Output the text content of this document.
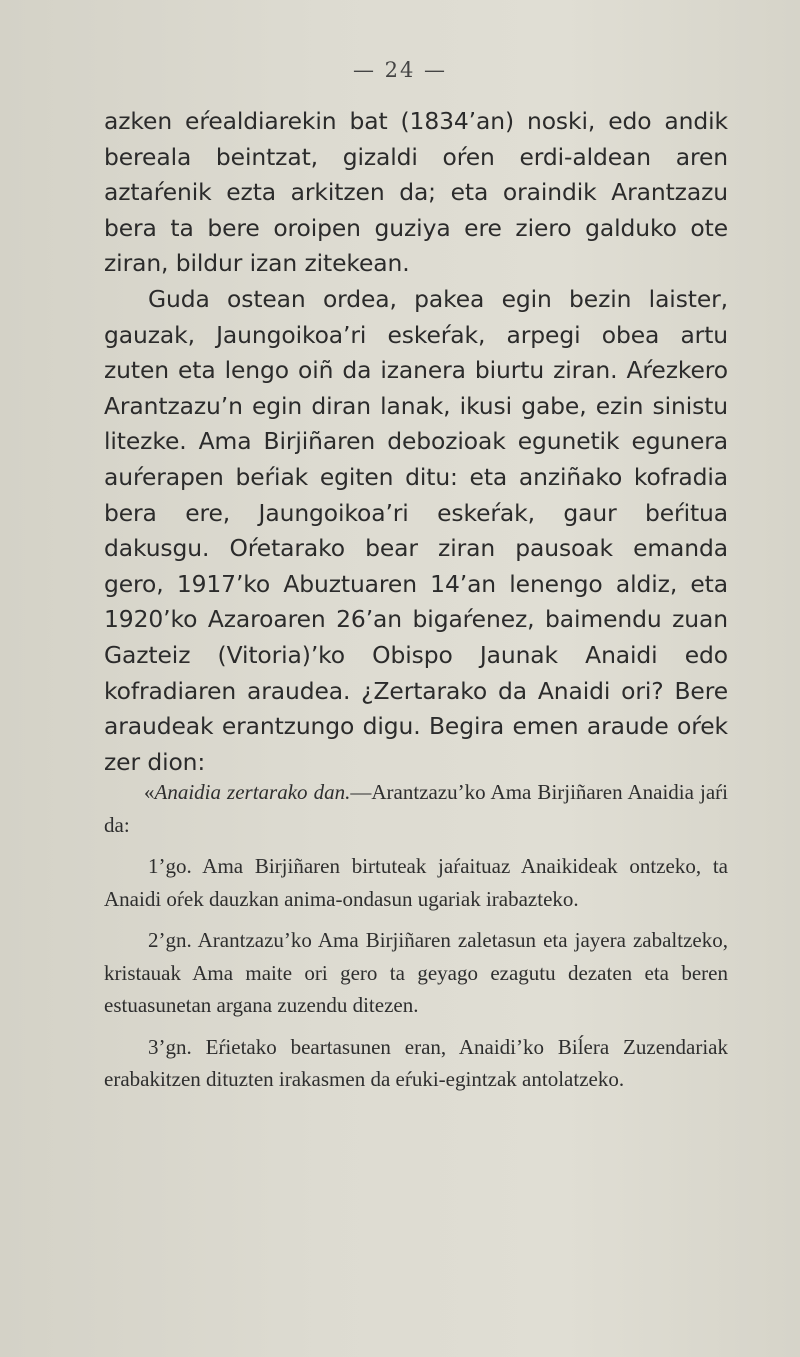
— 24 —

azken eŕealdiarekin bat (1834’an) noski, edo andik bereala beintzat, gizaldi oŕen erdi-aldean aren aztaŕenik ezta arkitzen da; eta oraindik Arantzazu bera ta bere oroipen guziya ere ziero galduko ote ziran, bildur izan zitekean.

Guda ostean ordea, pakea egin bezin laister, gauzak, Jaungoikoa’ri eskeŕak, arpegi obea artu zuten eta lengo oiñ da izanera biurtu ziran. Aŕezkero Arantzazu’n egin diran lanak, ikusi gabe, ezin sinistu litezke. Ama Birjiñaren debozioak egunetik egunera auŕerapen beŕiak egiten ditu: eta anziñako kofradia bera ere, Jaungoikoa’ri eskeŕak, gaur beŕitua dakusgu. Oŕetarako bear ziran pausoak emanda gero, 1917’ko Abuztuaren 14’an lenengo aldiz, eta 1920’ko Azaroaren 26’an bigaŕenez, baimendu zuan Gazteiz (Vitoria)’ko Obispo Jaunak Anaidi edo kofradiaren araudea. ¿Zertarako da Anaidi ori? Bere araudeak erantzungo digu. Begira emen araude oŕek zer dion:

«Anaidia zertarako dan.—Arantzazu’ko Ama Birjiñaren Anaidia jaŕi da:

1’go. Ama Birjiñaren birtuteak jaŕaituaz Anaikideak ontzeko, ta Anaidi oŕek dauzkan anima-ondasun ugariak irabazteko.

2’gn. Arantzazu’ko Ama Birjiñaren zaletasun eta jayera zabaltzeko, kristauak Ama maite ori gero ta geyago ezagutu dezaten eta beren estuasunetan argana zuzendu ditezen.

3’gn. Eŕietako beartasunen eran, Anaidi’ko Biĺera Zuzendariak erabakitzen dituzten irakasmen da eŕuki-egintzak antolatzeko.
